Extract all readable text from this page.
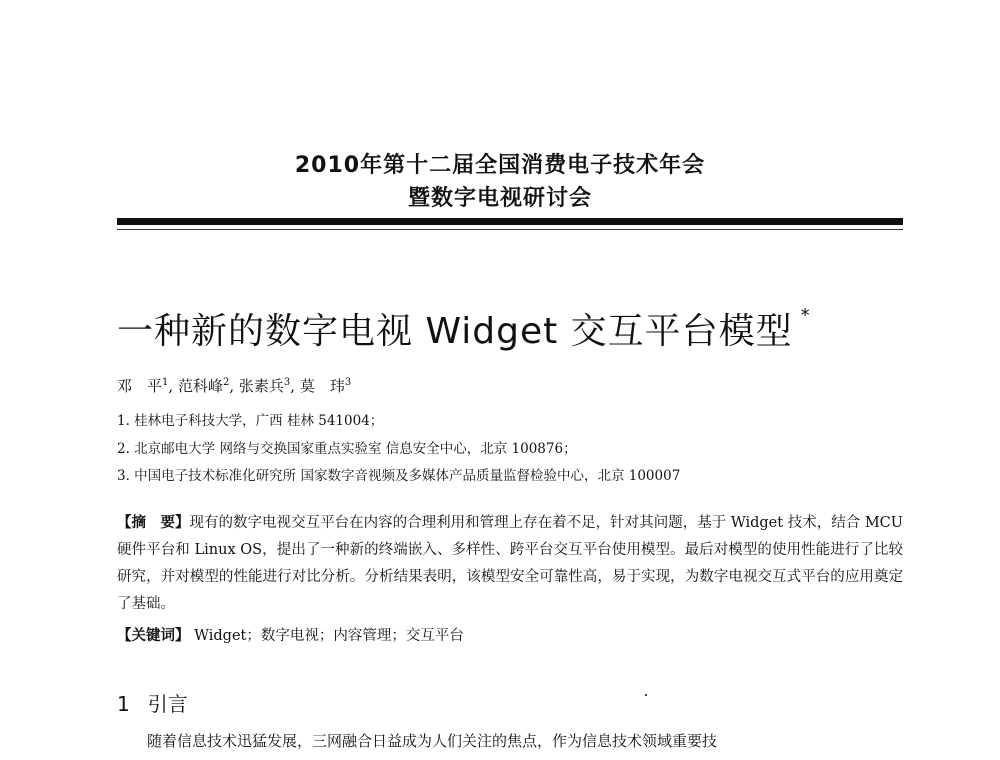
2010年第十二届全国消费电子技术年会
暨数字电视研讨会
一种新的数字电视 Widget 交互平台模型 *
邓　平$^1$, 范科峰$^2$, 张素兵$^3$, 莫　玮$^3$
1. 桂林电子科技大学，广西 桂林 541004；
2. 北京邮电大学 网络与交换国家重点实验室 信息安全中心，北京 100876；
3. 中国电子技术标准化研究所 国家数字音视频及多媒体产品质量监督检验中心，北京 100007
【摘　要】现有的数字电视交互平台在内容的合理利用和管理上存在着不足，针对其问题，基于 Widget 技术，结合 MCU 硬件平台和 Linux OS，提出了一种新的终端嵌入、多样性、跨平台交互平台使用模型。最后对模型的使用性能进行了比较研究，并对模型的性能进行对比分析。分析结果表明，该模型安全可靠性高，易于实现，为数字电视交互式平台的应用奠定了基础。
【关键词】 Widget；数字电视；内容管理；交互平台
1 引言
随着信息技术迅猛发展，三网融合日益成为人们关注的焦点，作为信息技术领域重要技
